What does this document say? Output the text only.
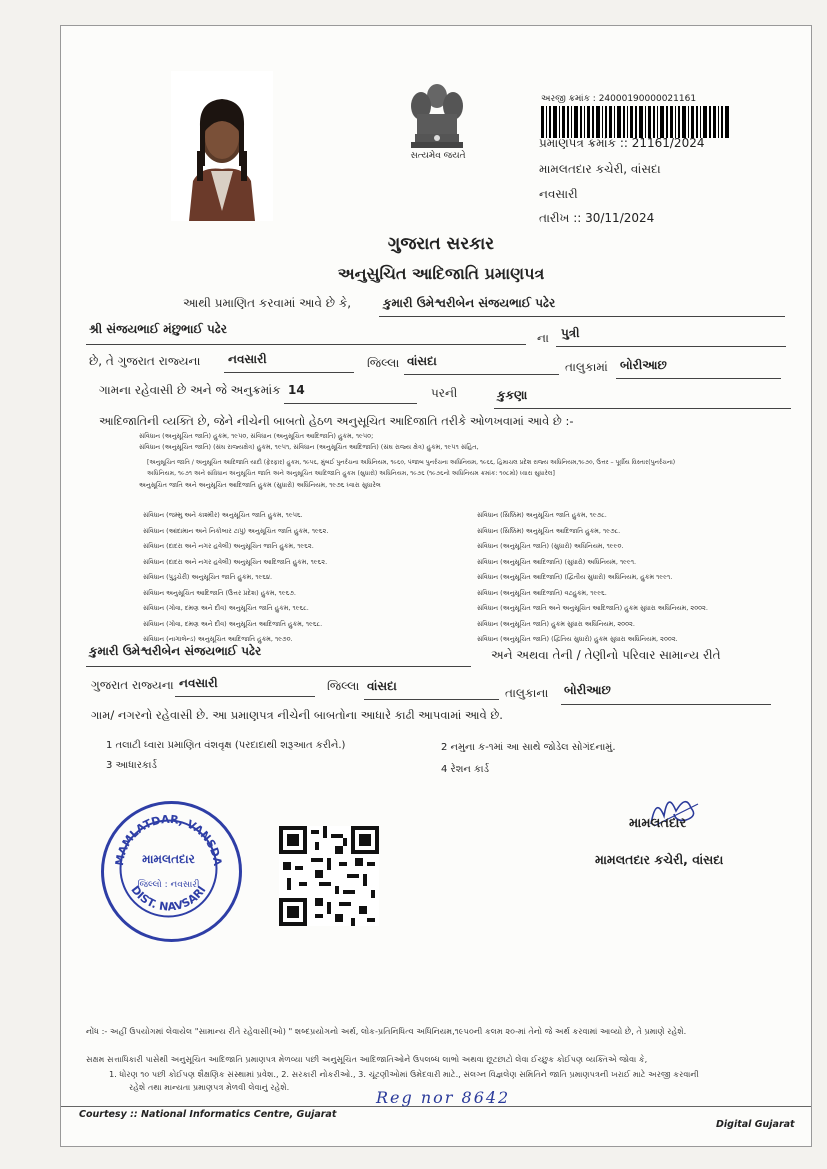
સત્યમેવ જયતે
અરજી ક્રમાંક : 24000190000021161
પ્રમાણપત્ર ક્રમાંક :: 21161/2024
મામલતદાર કચેરી, વાંસદા
નવસારી
તારીખ :: 30/11/2024
ગુજરાત સરકાર
અનુસુચિત આદિજાતિ પ્રમાણપત્ર
આથી પ્રમાણિત કરવામાં આવે છે કે,	કુમારી ઉમેશ્વરીબેન સંજયભાઈ પઢેર
શ્રી સંજયભાઈ મંછુભાઈ પઢેર
ના પુત્રી
છે, તે ગુજરાત રાજ્યના નવસારી	જિલ્લા વાંસદા	તાલુકામાં બોરીઆછ
ગામના રહેવાસી છે અને જે અનુક્રમાંક 14	પરની	કુકણા
આદિજાતિની વ્યક્તિ છે, જેને નીચેની બાબતો હેઠળ અનુસૂચિત આદિજાતિ તરીકે ઓળખવામાં આવે છે :-
સંવિધાન (અનુસૂચિત જાતિ) હુકમ, ૧૯૫૦, સંવિધાન (અનુસૂચિત આદિજાતિ) હુકમ, ૧૯૫૦;
સંવિધાન (અનુસૂચિત જાતિ) (સંઘ રાજ્યક્ષેત્ર) હુકમ, ૧૯૫૧, સંવિધાન (અનુસૂચિત આદિજાતિ) (સંઘ રાજ્ય ક્ષેત્ર) હુકમ, ૧૯૫૧ સંહિત,
[અનુસૂચિત જાતિ / અનુસૂચિત આદિજાતિ યાદી (ફેરફાર) હુકમ, ૧૯૫૬, મુંબઈ પુનર્રચના અધિનિયમ, ૧૯૬૦, પંજાબ પુનર્રચના અધિનિયમ, ૧૯૬૬, હિમાચલ પ્રદેશ રાજ્ય અધિનિયમ,૧૯૭૦, ઉત્તર – પૂર્વીય વિસ્તાર(પુનર્રચના)
અધિનિયમ, ૧૯૭૧ અને સંવિધાન અનુસૂચિત જાતિ અને અનુસૂચિત આદિજાતિ હુકમ (સુધારો) અધિનિયમ, ૧૯૭૬ (૧૯૭૬નો અધિનિયમ ક્રમાંક: ૧૦૮મો) ધ્વારા સુધારેલ]
અનુસૂચિત જાતિ અને અનુસૂચિત આદિજાતિ હુકમ (સુધારો) અધિનિયમ, ૧૯૭૬ ધ્વારા સુધારેલ
સંવિધાન (જમ્મુ અને કાશ્મીર) અનુસૂચિત જાતિ હુકમ, ૧૯૫૬.
સંવિધાન (આંદામાન અને નિકોબાર ટાપુ) અનુસૂચિત જાતિ હુકમ, ૧૯૬૨.
સંવિધાન (દાદરા અને નગર હવેલી) અનુસૂચિત જાતિ હુકમ, ૧૯૬૨.
સંવિધાન (દાદરા અને નગર હવેલી) અનુસૂચિત આદિજાતિ હુકમ, ૧૯૬૨.
સંવિધાન (પુડુચેરી) અનુસૂચિત જાતિ હુકમ, ૧૯૬૪.
સંવિધાન અનુસૂચિત આદિજાતિ (ઉત્તર પ્રદેશ) હુકમ, ૧૯૬૭.
સંવિધાન (ગોવા, દમણ અને દીવ) અનુસૂચિત જાતિ હુકમ, ૧૯૬૮.
સંવિધાન (ગોવા, દમણ અને દીવ) અનુસૂચિત આદિજાતિ હુકમ, ૧૯૬૮.
સંવિધાન (નાગાલેન્ડ) અનુસૂચિત આદિજાતિ હુકમ, ૧૯૭૦.
સંવિધાન (સિક્કિમ) અનુસૂચિત જાતિ હુકમ, ૧૯૭૮.
સંવિધાન (સિક્કિમ) અનુસૂચિત આદિજાતિ હુકમ, ૧૯૭૮.
સંવિધાન (અનુસૂચિત જાતિ) (સુધારો) અધિનિયમ, ૧૯૯૦.
સંવિધાન (અનુસૂચિત આદિજાતિ) (સુધારો) અધિનિયમ, ૧૯૯૧.
સંવિધાન (અનુસૂચિત આદિજાતિ) (દ્વિતીય સુધારો) અધિનિયમ, હુકમ ૧૯૯૧.
સંવિધાન (અનુસૂચિત આદિજાતિ) વટહુકમ, ૧૯૯૬.
સંવિધાન (અનુસૂચિત જાતિ અને અનુસૂચિત આદિજાતિ) હુકમ સુધારા અધિનિયમ, ૨૦૦૨.
સંવિધાન (અનુસૂચિત જાતિ) હુકમ સુધારા અધિનિયમ, ૨૦૦૨.
સંવિધાન (અનુસૂચિત જાતિ) (દ્વિતિય સુધારો) હુકમ સુધારા અધિનિયમ, ૨૦૦૨.
કુમારી ઉમેશ્વરીબેન સંજયભાઈ પઢેર	અને અથવા તેની / તેણીનો પરિવાર સામાન્ય રીતે
ગુજરાત રાજ્યના નવસારી	જિલ્લા વાંસદા	તાલુકાના બોરીઆછ
ગામ/ નગરનો રહેવાસી છે. આ પ્રમાણપત્ર નીચેની બાબતોના આધારે કાઢી આપવામાં આવે છે.
1 તલાટી ધ્વારા પ્રમાણિત વંશવૃક્ષ (પરદાદાથી શરૂઆત કરીને.)	2 નમુના ક-૧માં આ સાથે જોડેલ સોગંદનામું.
3 આધારકાર્ડ	4 રેશન કાર્ડ
MAMLATDAR, VANSDA
DIST. NAVSARI
મામલતદાર
જિલ્લો : નવસારી
મામલતદાર
મામલતદાર કચેરી, વાંસદા
નોંધ :- અહીં ઉપયોગમાં લેવાયેલ "સામાન્ય રીતે રહેવાસી(ઓ) " શબ્દપ્રયોગનો અર્થ, લોક-પ્રતિનિધિત્વ અધિનિયમ,૧૯૫૦ની કલમ ૨૦-માં તેનો જે અર્થ કરવામાં આવ્યો છે, તે પ્રમાણે રહેશે.
સક્ષમ સત્તાધિકારી પાસેથી અનુસૂચિત આદિજાતિ પ્રમાણપત્ર મેળવ્યા પછી અનુસૂચિત આદિજાતિઓને ઉપલબ્ધ લાભો અથવા છૂટછાટો લેવા ઈચ્છુક કોઈપણ વ્યક્તિએ જોવા કે,
1. ધોરણ ૧૦ પછી કોઈપણ શૈક્ષણિક સંસ્થામાં પ્રવેશ., 2. સરકારી નોકરીઓ., 3. ચૂંટણીઓમાં ઉમેદવારી માટે., સંલગ્ન વિજ્ઞલેણ સમિતિને જાતિ પ્રમાણપત્રની ખરાઈ માટે અરજી કરવાની
રહેશે તથા માન્યતા પ્રમાણપત્ર મેળવી લેવાનું રહેશે.
Courtesy :: National Informatics Centre, Gujarat
Reg nor 8642
Digital Gujarat
